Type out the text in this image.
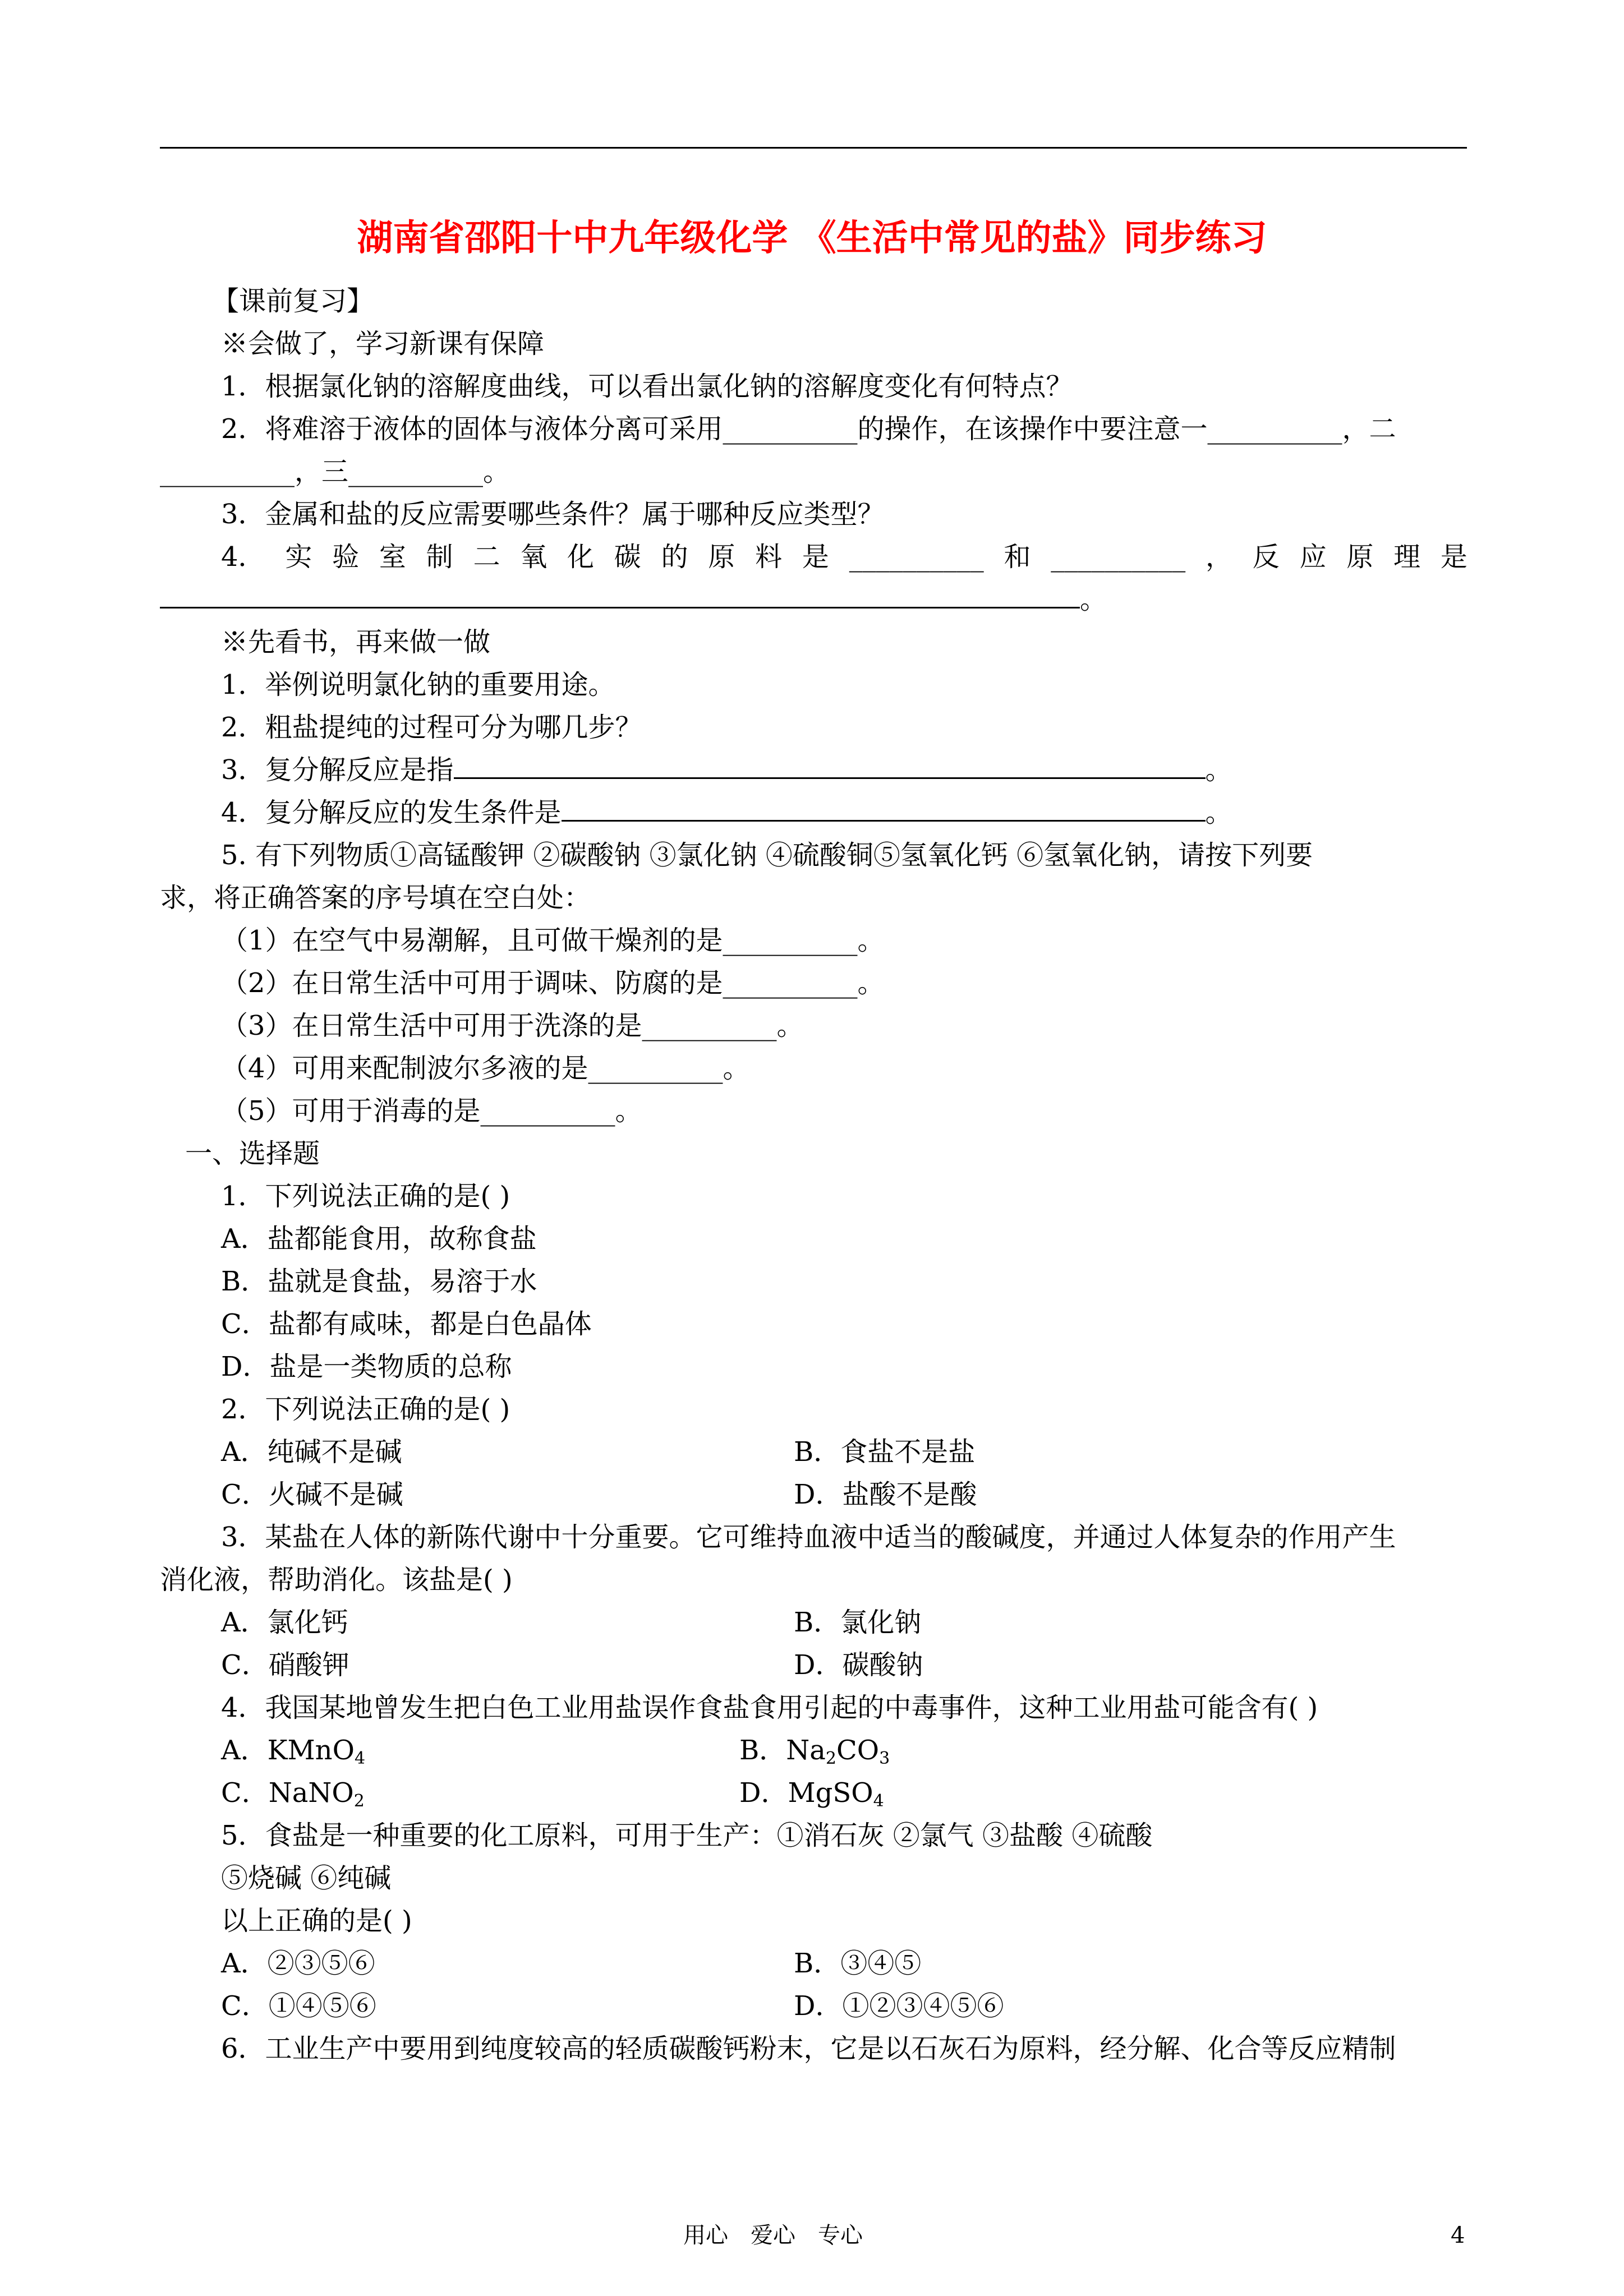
湖南省邵阳十中九年级化学 《生活中常见的盐》同步练习
【课前复习】
※会做了，学习新课有保障
1．根据氯化钠的溶解度曲线，可以看出氯化钠的溶解度变化有何特点？
2．将难溶于液体的固体与液体分离可采用__________的操作，在该操作中要注意一__________，二
__________，三__________。
3．金属和盐的反应需要哪些条件？属于哪种反应类型？
4． 实 验 室 制 二 氧 化 碳 的 原 料 是 __________ 和 __________ ， 反 应 原 理 是
。
※先看书，再来做一做
1．举例说明氯化钠的重要用途。
2．粗盐提纯的过程可分为哪几步？
3．复分解反应是指	。
4．复分解反应的发生条件是	。
5. 有下列物质①高锰酸钾 ②碳酸钠 ③氯化钠 ④硫酸铜⑤氢氧化钙 ⑥氢氧化钠，请按下列要
求，将正确答案的序号填在空白处：
（1）在空气中易潮解，且可做干燥剂的是__________。
（2）在日常生活中可用于调味、防腐的是__________。
（3）在日常生活中可用于洗涤的是__________。
（4）可用来配制波尔多液的是__________。
（5）可用于消毒的是__________。
一、选择题
1．下列说法正确的是( )
A．盐都能食用，故称食盐
B．盐就是食盐，易溶于水
C．盐都有咸味，都是白色晶体
D．盐是一类物质的总称
2．下列说法正确的是( )
A．纯碱不是碱	B．食盐不是盐
C．火碱不是碱	D．盐酸不是酸
3．某盐在人体的新陈代谢中十分重要。它可维持血液中适当的酸碱度，并通过人体复杂的作用产生
消化液，帮助消化。该盐是( )
A．氯化钙	B．氯化钠
C．硝酸钾	D．碳酸钠
4．我国某地曾发生把白色工业用盐误作食盐食用引起的中毒事件，这种工业用盐可能含有( )
A．KMnO$_4$	B．$Na_2CO_3$
C．NaNO$_2$	D．MgSO$_4$
5．食盐是一种重要的化工原料，可用于生产：①消石灰 ②氯气 ③盐酸 ④硫酸
⑤烧碱 ⑥纯碱
以上正确的是( )
A．②③⑤⑥	B．③④⑤
C．①④⑤⑥	D．①②③④⑤⑥
6．工业生产中要用到纯度较高的轻质碳酸钙粉末，它是以石灰石为原料，经分解、化合等反应精制
用心　爱心　专心	4
